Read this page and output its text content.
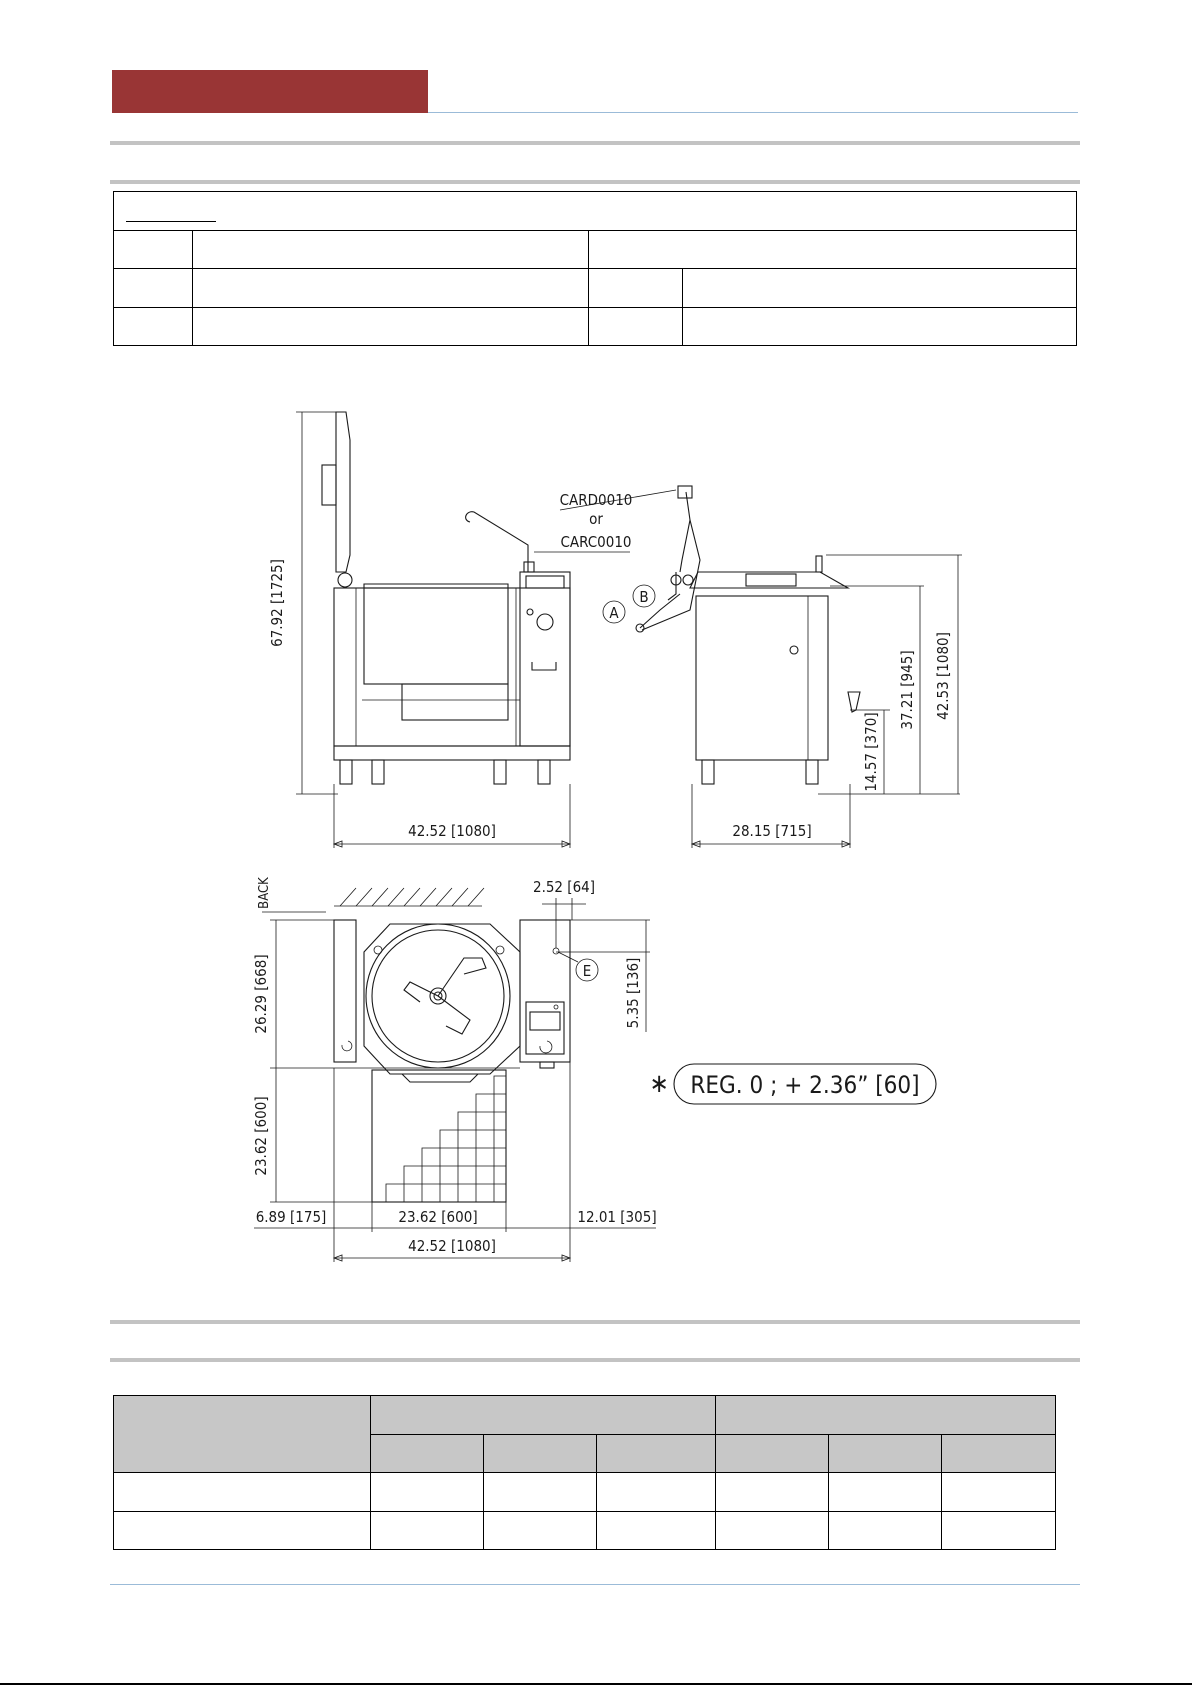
67.92 [1725]
42.52 [1080]
CARD0010
or
CARC0010
A
B
28.15 [715]
14.57 [370]
37.21 [945] 42.53 [1080]
BACK	2.52 [64]
E 5.35 [136]
26.29 [668]
23.62 [600]
6.89 [175]	23.62 [600]	12.01 [305]
42.52 [1080]
∗ REG. 0 ; + 2.36” [60]
